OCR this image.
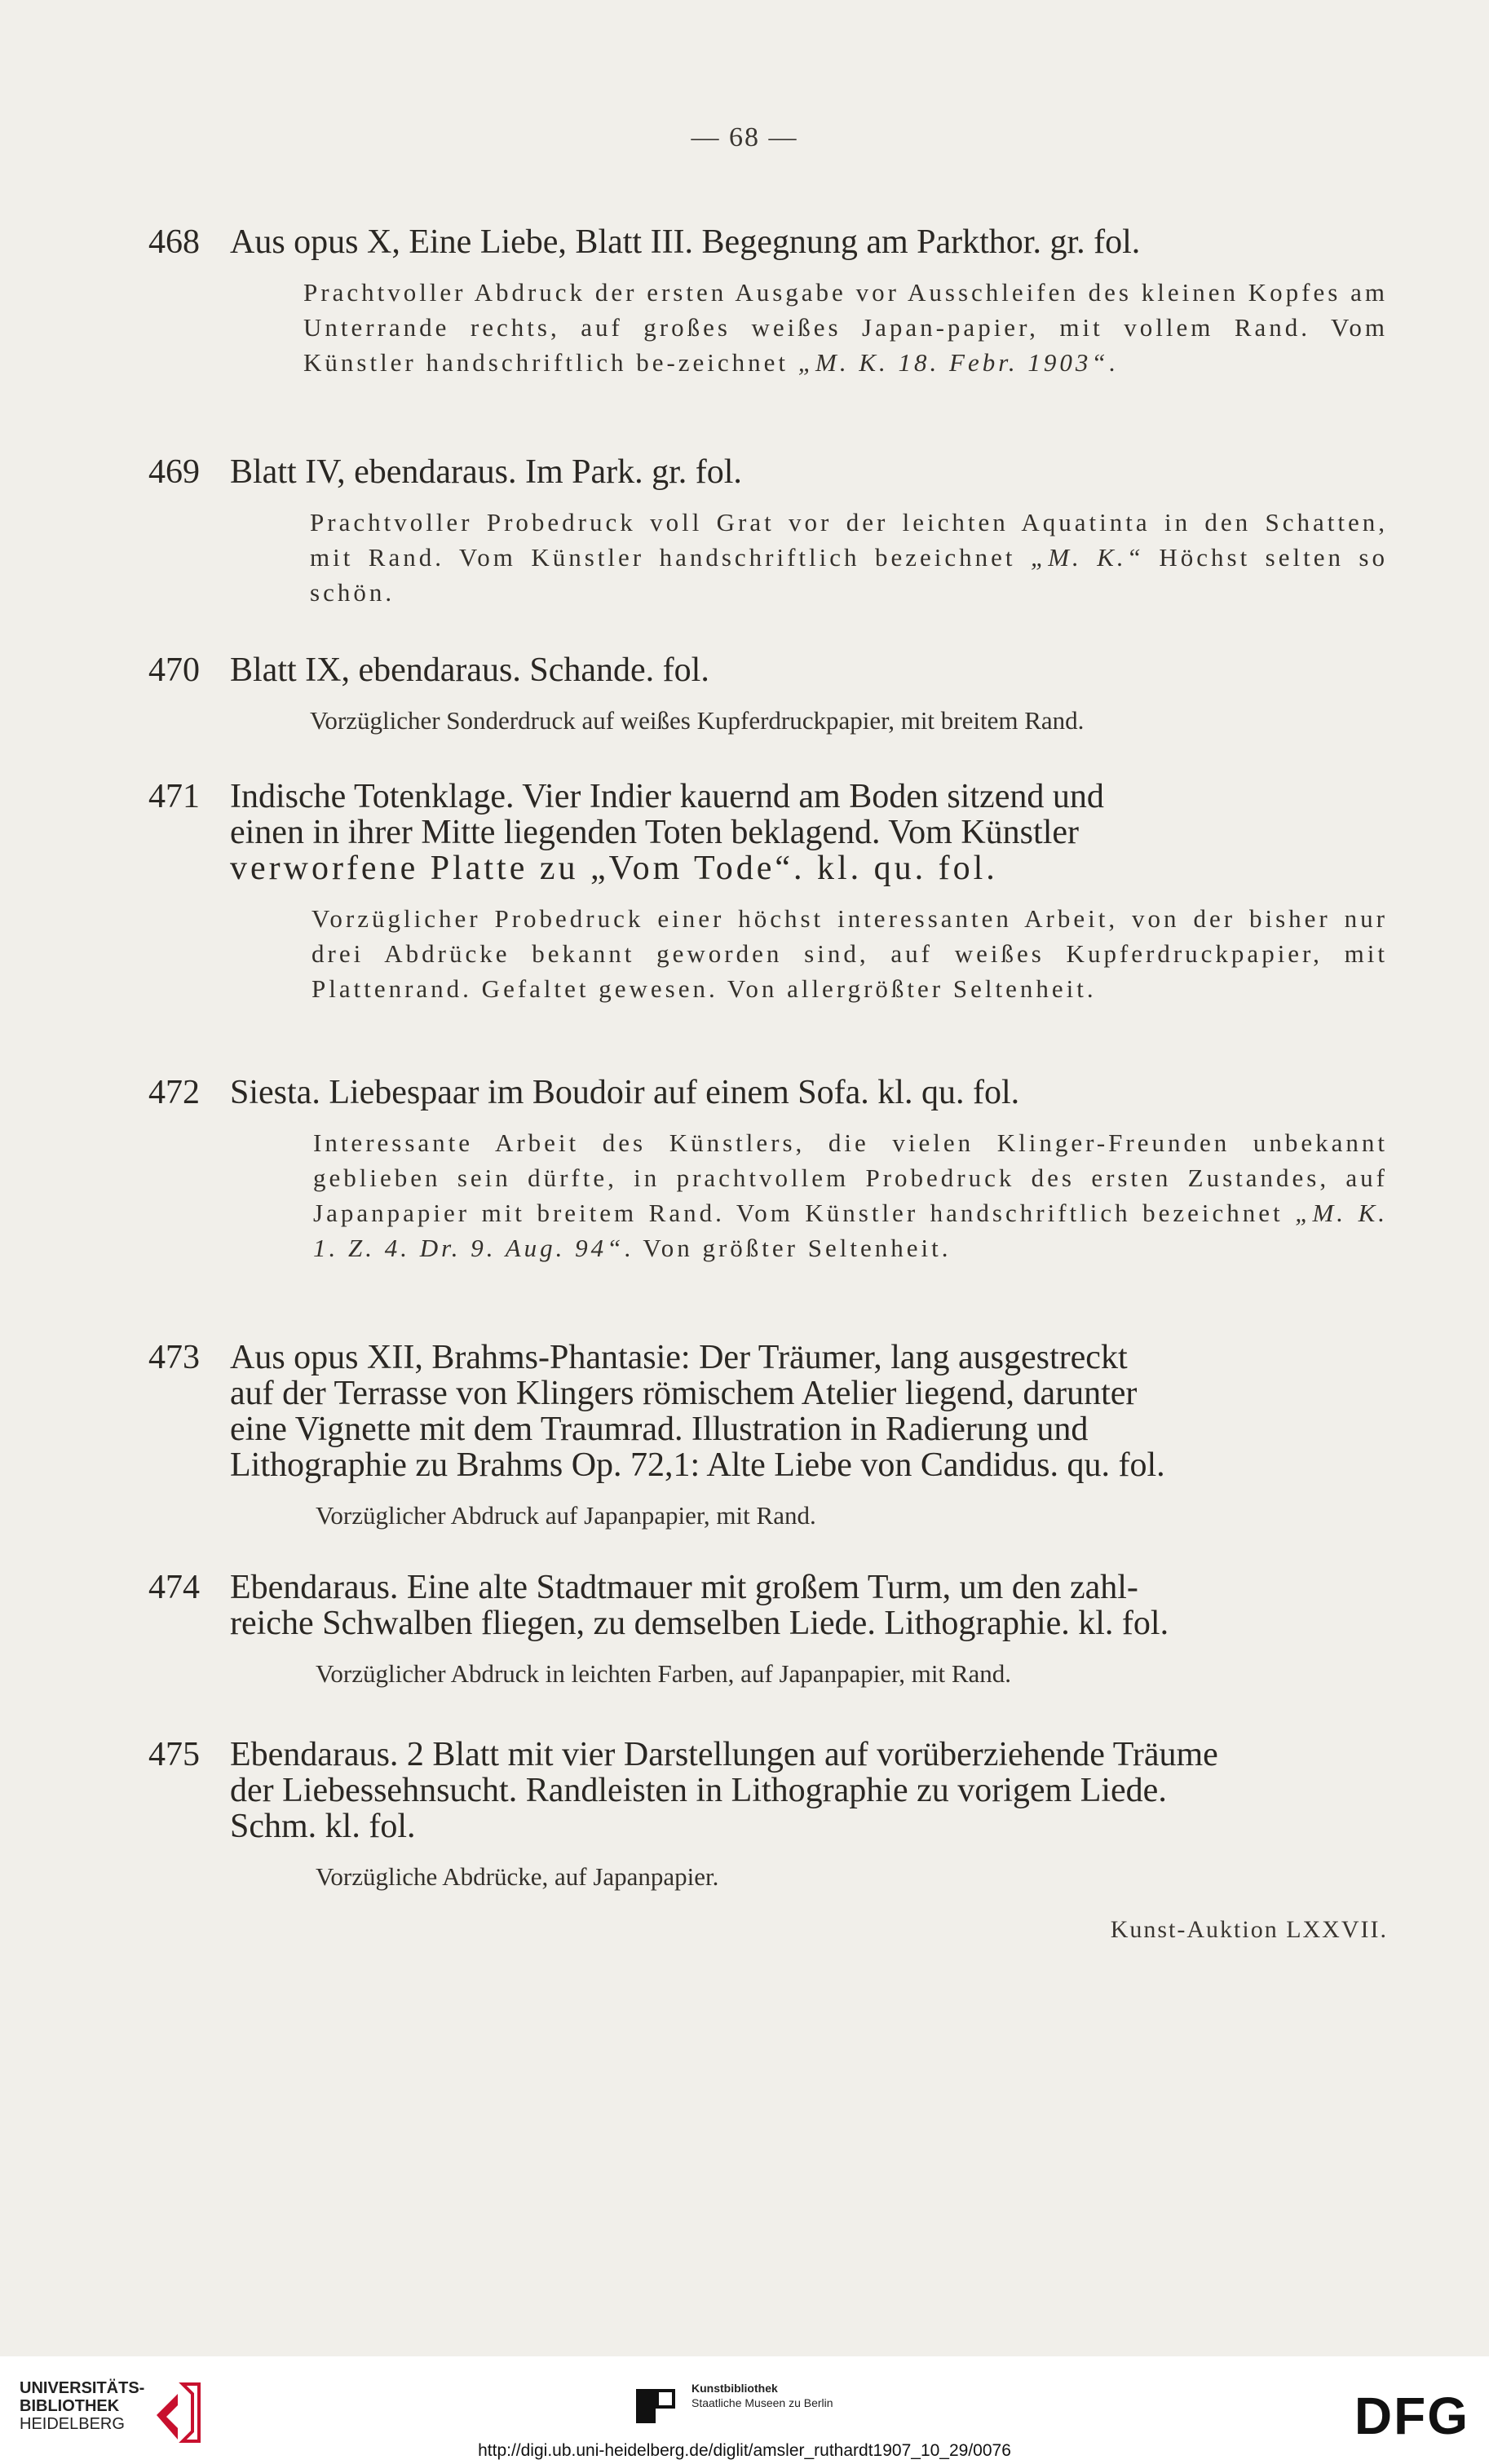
— 68 —
468 Aus opus X, Eine Liebe, Blatt III. Begegnung am Parkthor. gr. fol.
Prachtvoller Abdruck der ersten Ausgabe vor Ausschleifen des kleinen Kopfes am Unterrande rechts, auf großes weißes Japan-papier, mit vollem Rand. Vom Künstler handschriftlich be-zeichnet „M. K. 18. Febr. 1903“.
469 Blatt IV, ebendaraus. Im Park. gr. fol.
Prachtvoller Probedruck voll Grat vor der leichten Aquatinta in den Schatten, mit Rand. Vom Künstler handschriftlich bezeichnet „M. K.“ Höchst selten so schön.
470 Blatt IX, ebendaraus. Schande. fol.
Vorzüglicher Sonderdruck auf weißes Kupferdruckpapier, mit breitem Rand.
471 Indische Totenklage. Vier Indier kauernd am Boden sitzend und
einen in ihrer Mitte liegenden Toten beklagend. Vom Künstler
verworfene Platte zu „Vom Tode“. kl. qu. fol.
Vorzüglicher Probedruck einer höchst interessanten Arbeit, von der bisher nur drei Abdrücke bekannt geworden sind, auf weißes Kupferdruckpapier, mit Plattenrand. Gefaltet gewesen. Von allergrößter Seltenheit.
472 Siesta. Liebespaar im Boudoir auf einem Sofa. kl. qu. fol.
Interessante Arbeit des Künstlers, die vielen Klinger-Freunden unbekannt geblieben sein dürfte, in prachtvollem Probedruck des ersten Zustandes, auf Japanpapier mit breitem Rand. Vom Künstler handschriftlich bezeichnet „M. K. 1. Z. 4. Dr. 9. Aug. 94“. Von größter Seltenheit.
473 Aus opus XII, Brahms-Phantasie: Der Träumer, lang ausgestreckt
auf der Terrasse von Klingers römischem Atelier liegend, darunter
eine Vignette mit dem Traumrad. Illustration in Radierung und
Lithographie zu Brahms Op. 72,1: Alte Liebe von Candidus. qu. fol.
Vorzüglicher Abdruck auf Japanpapier, mit Rand.
474 Ebendaraus. Eine alte Stadtmauer mit großem Turm, um den zahl-
reiche Schwalben fliegen, zu demselben Liede. Lithographie. kl. fol.
Vorzüglicher Abdruck in leichten Farben, auf Japanpapier, mit Rand.
475 Ebendaraus. 2 Blatt mit vier Darstellungen auf vorüberziehende Träume
der Liebessehnsucht. Randleisten in Lithographie zu vorigem Liede.
Schm. kl. fol.
Vorzügliche Abdrücke, auf Japanpapier.
Kunst-Auktion LXXVII.
UNIVERSITÄTS-
BIBLIOTHEK
HEIDELBERG
Kunstbibliothek
Staatliche Museen zu Berlin	DFG
http://digi.ub.uni-heidelberg.de/diglit/amsler_ruthardt1907_10_29/0076
